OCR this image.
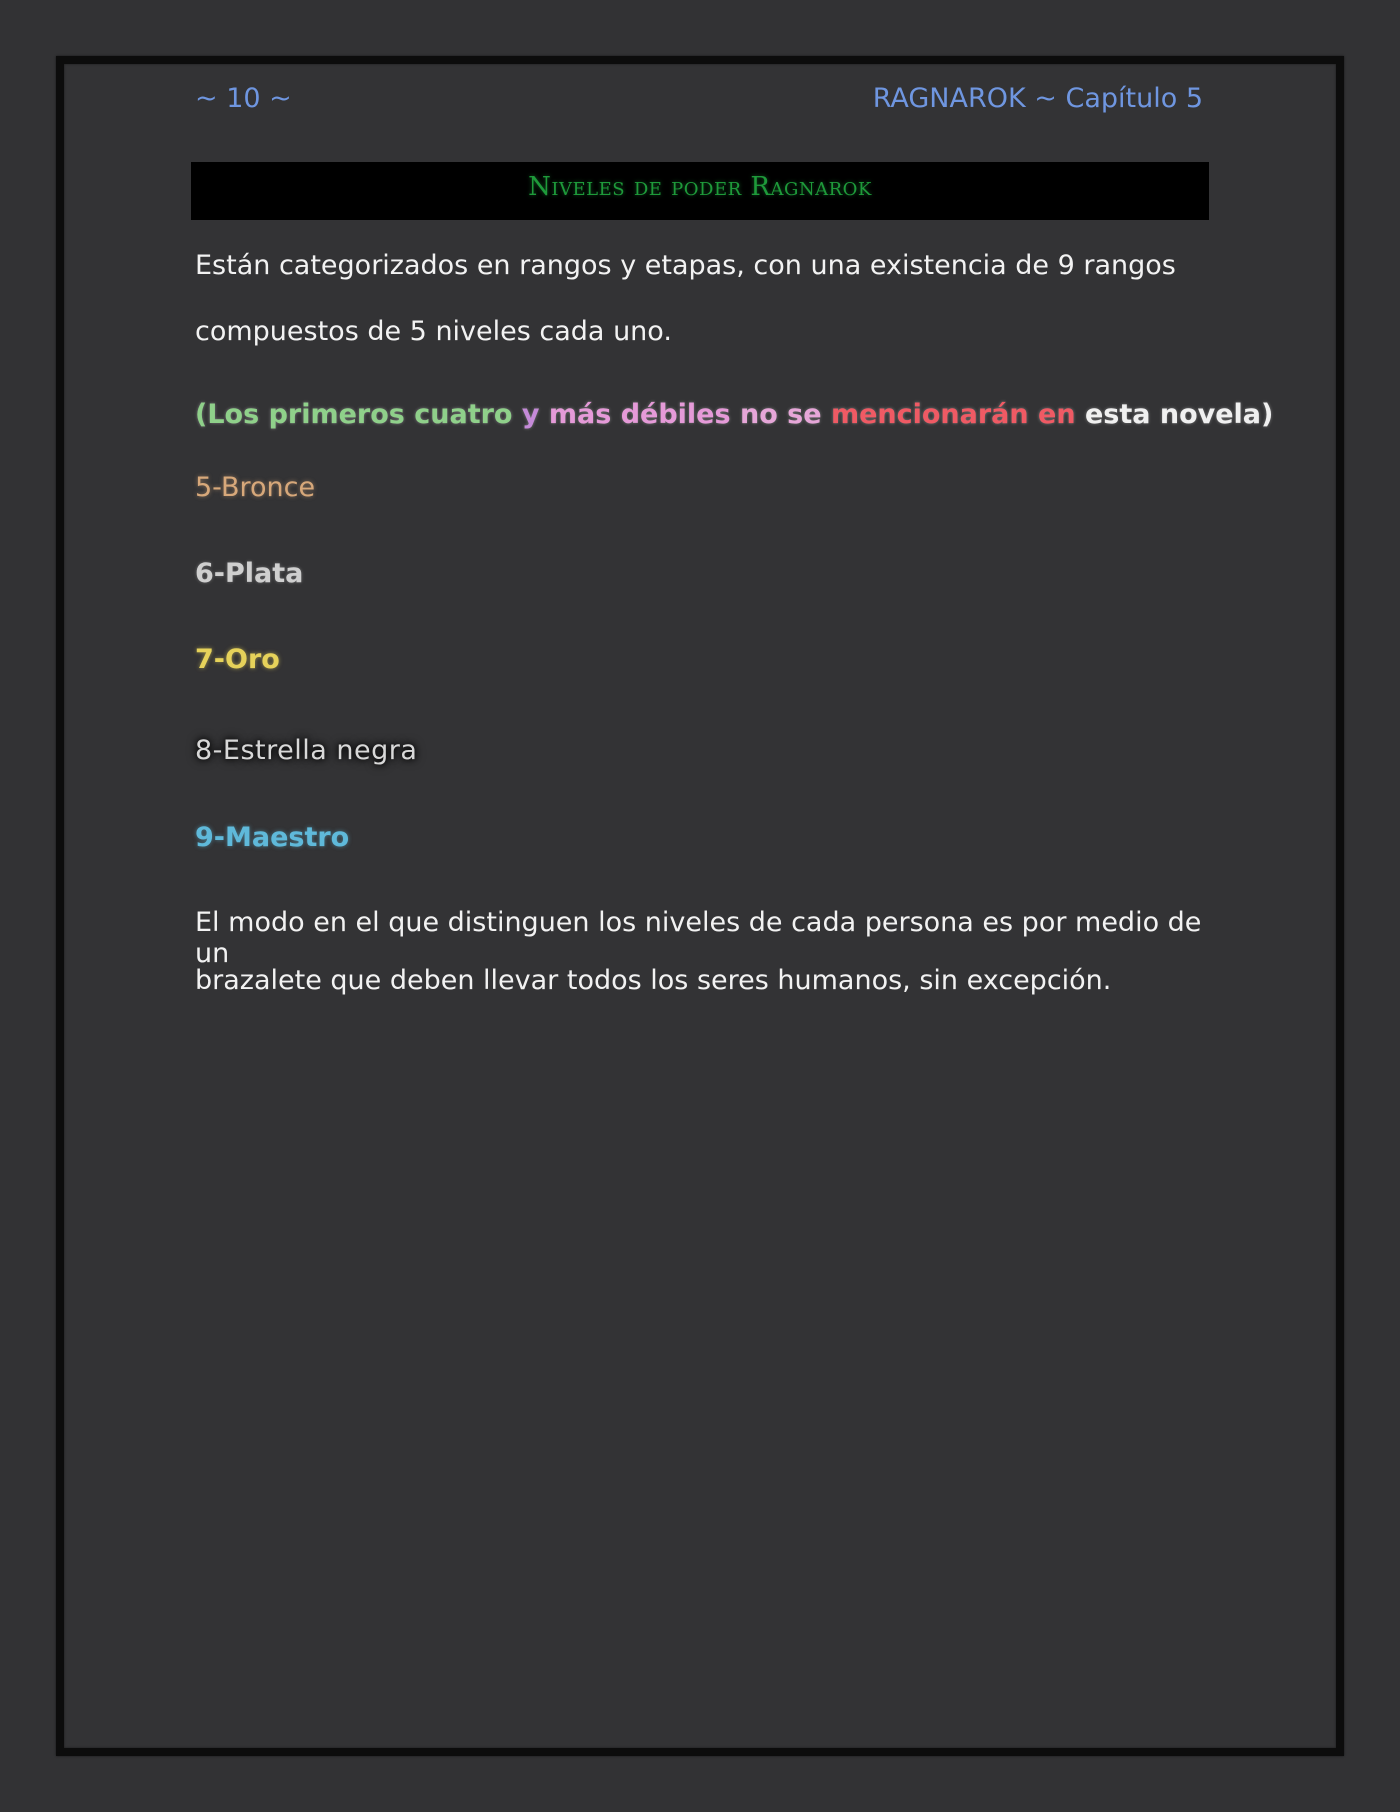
~ 10 ~	RAGNAROK ~ Capítulo 5
Niveles de poder Ragnarok
Están categorizados en rangos y etapas, con una existencia de 9 rangos
compuestos de 5 niveles cada uno.
(Los primeros cuatro y más débiles no se mencionarán en esta novela)
5-Bronce
6-Plata
7-Oro
8-Estrella negra
9-Maestro
El modo en el que distinguen los niveles de cada persona es por medio de un
brazalete que deben llevar todos los seres humanos, sin excepción.
